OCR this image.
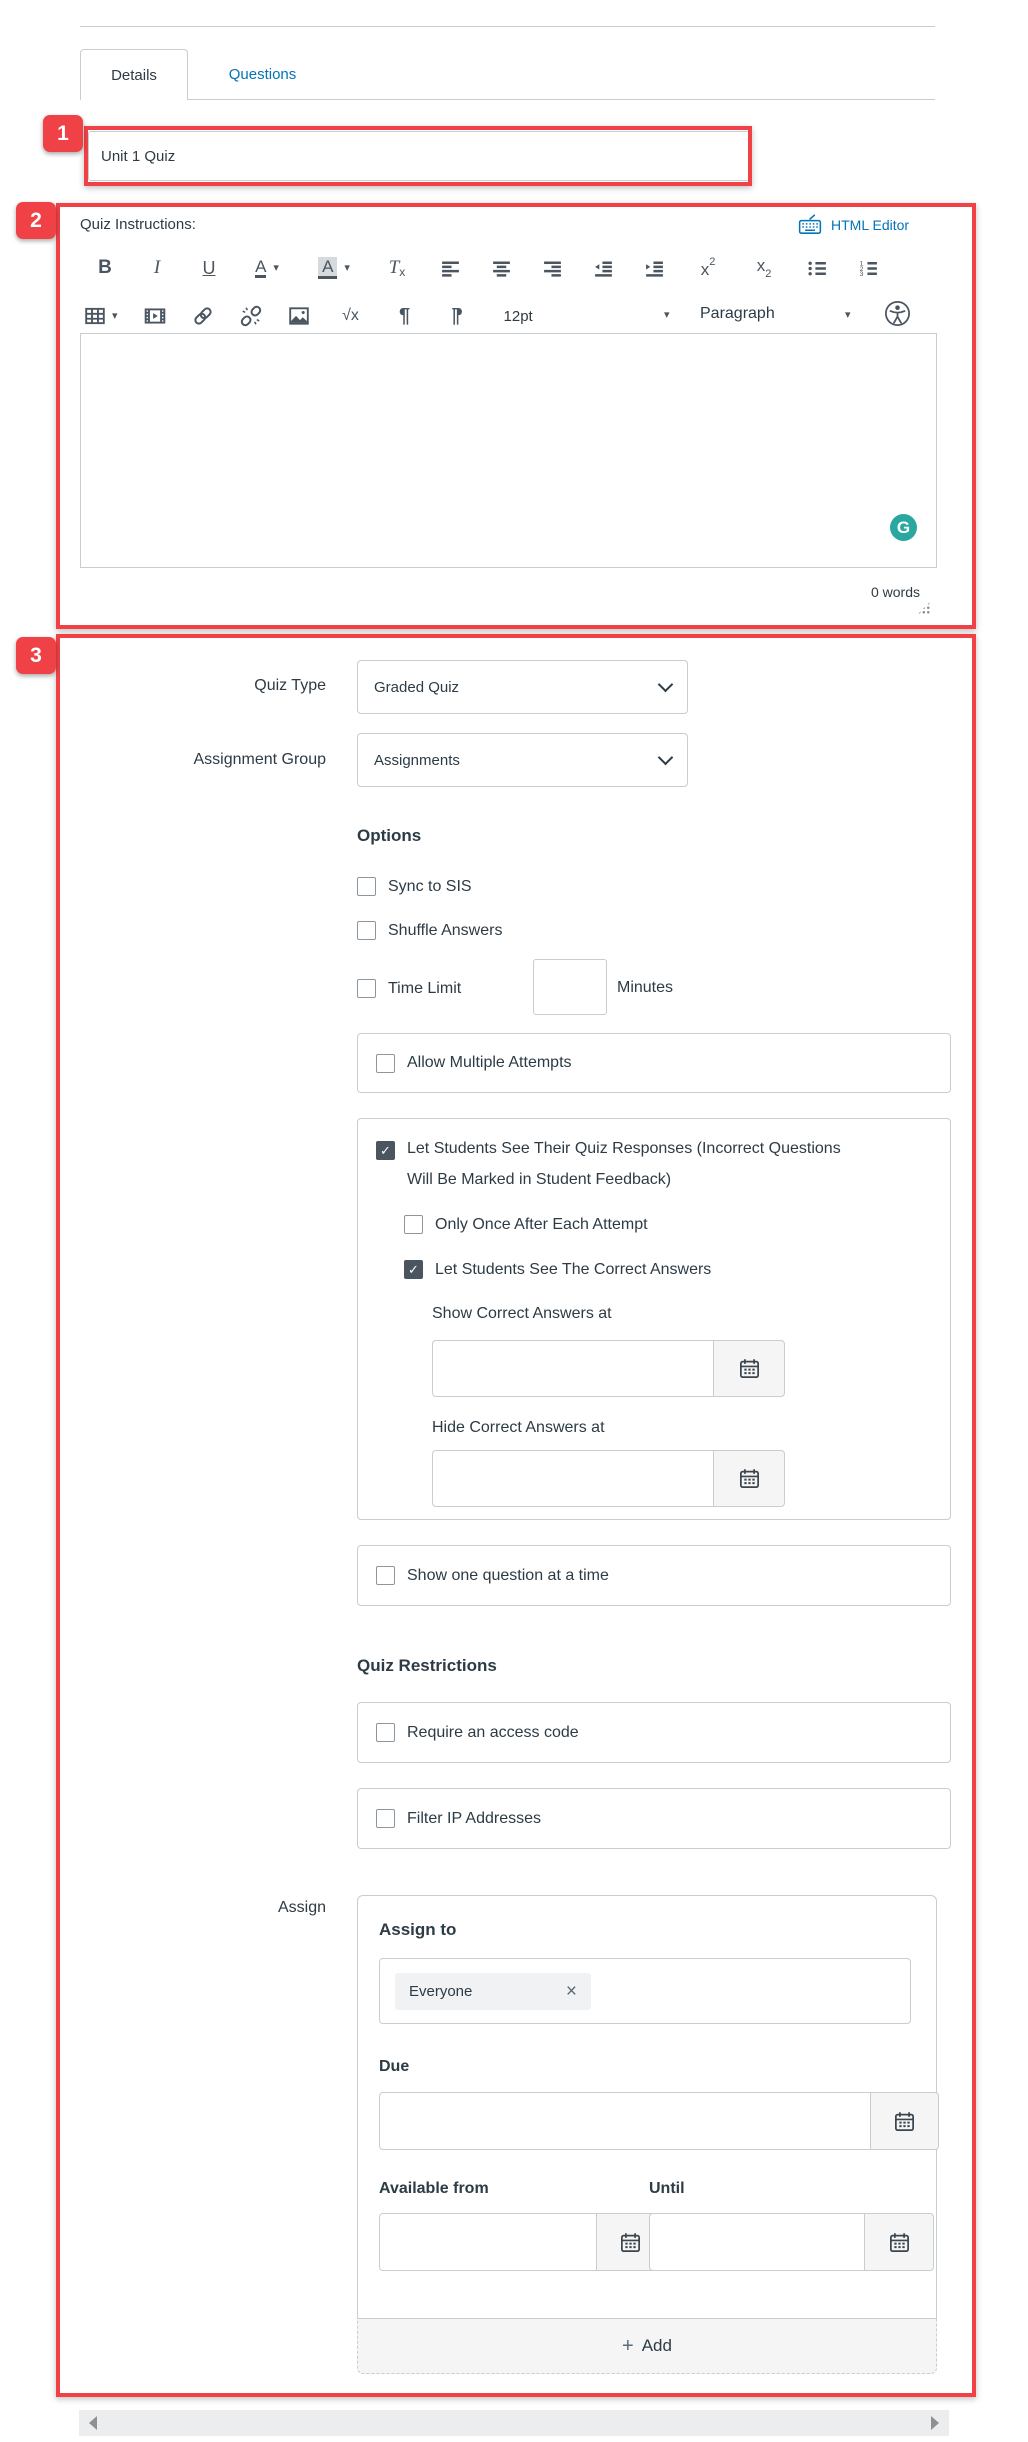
Details	Questions
1
Unit 1 Quiz
2	Quiz Instructions:	HTML Editor
B	I	U A ▾	A	▾ T x	x 2 x 2
1
2
3
▾	√x	¶	¶	12pt	▾ Paragraph	▾
G
0 words
3
Quiz Type	Graded Quiz
Assignment Group	Assignments
Options
Sync to SIS
Shuffle Answers
Time Limit	Minutes
Allow Multiple Attempts
✓ Let Students See Their Quiz Responses (Incorrect Questions Will Be Marked in Student Feedback)
Only Once After Each Attempt
✓ Let Students See The Correct Answers
Show Correct Answers at
Hide Correct Answers at
Show one question at a time
Quiz Restrictions
Require an access code
Filter IP Addresses
Assign
Assign to
Everyone	×
Due
Available from	Until
+ Add
